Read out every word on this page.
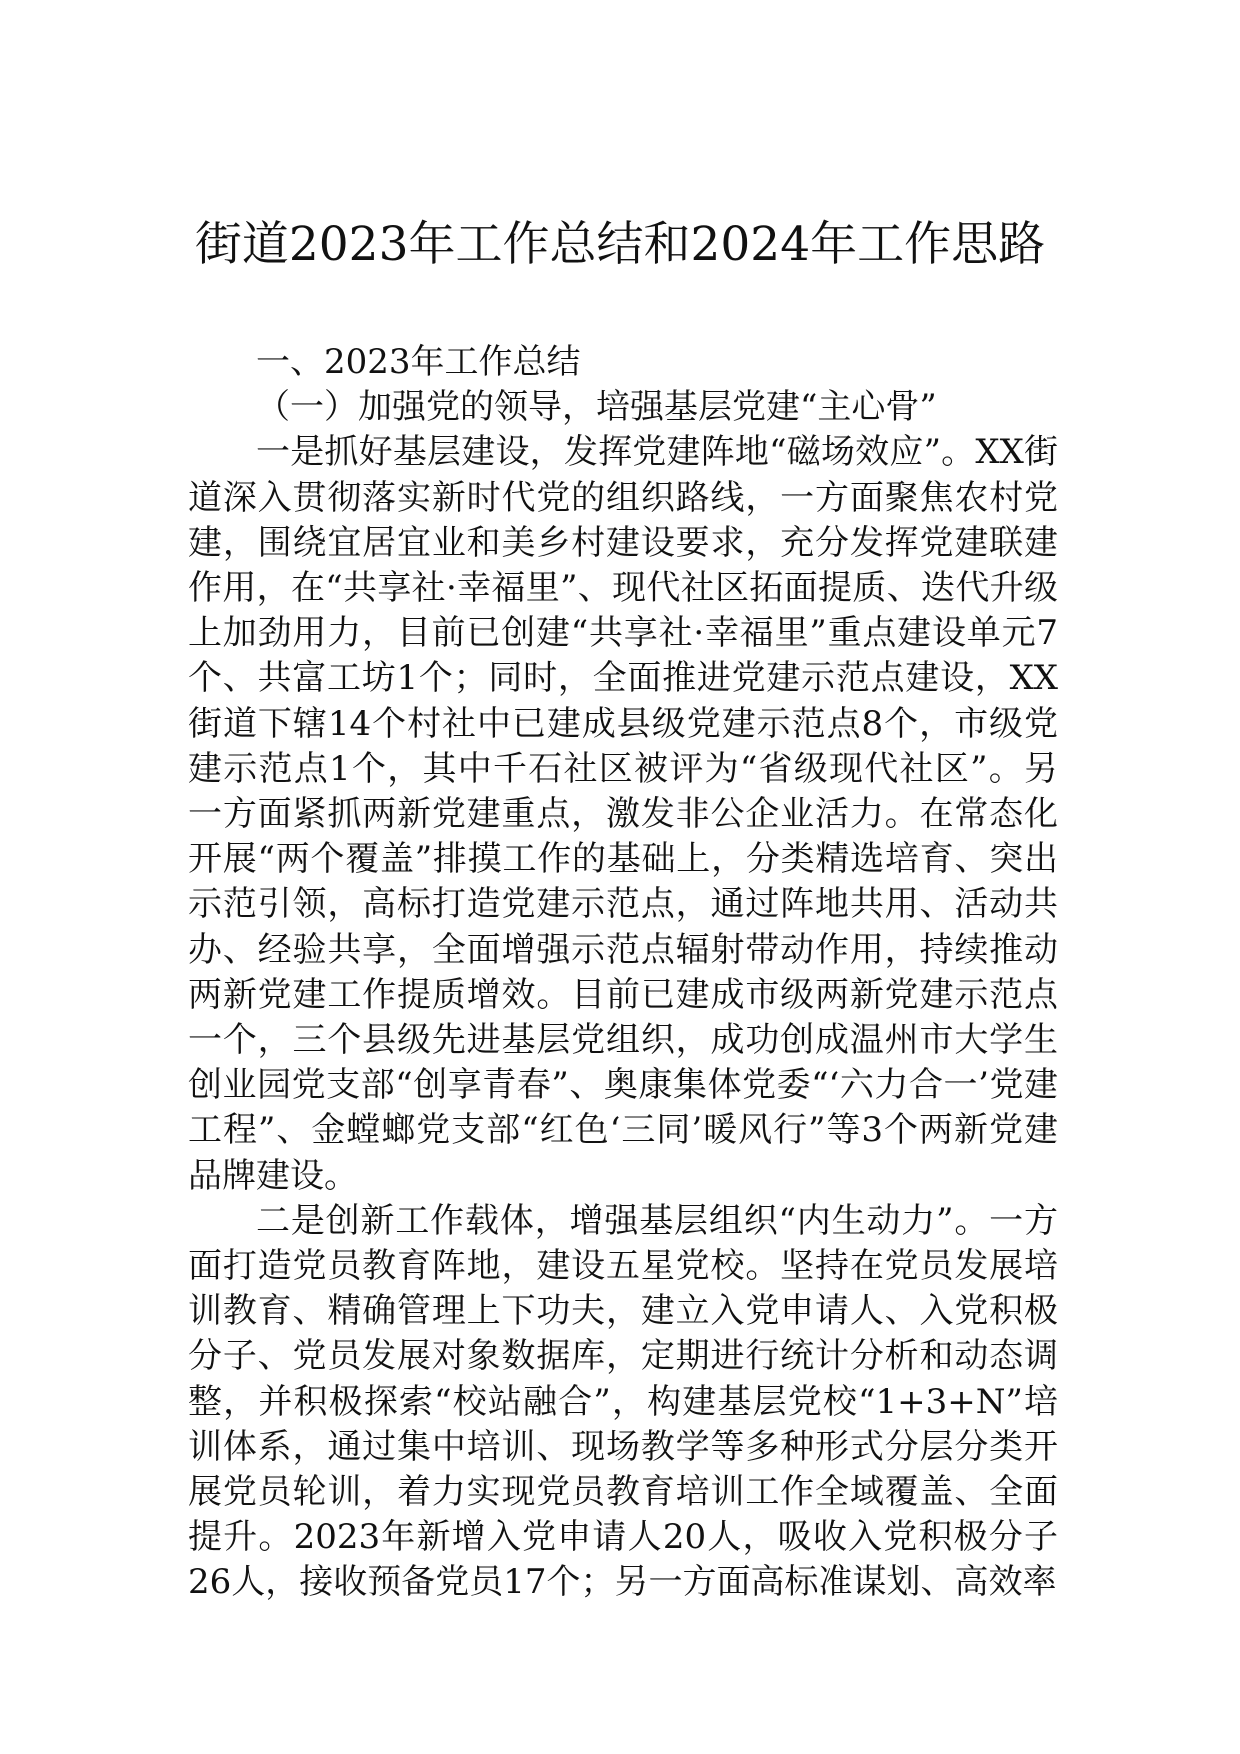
街道2023年工作总结和2024年工作思路

一、2023年工作总结

（一）加强党的领导，培强基层党建“主心骨”

一是抓好基层建设，发挥党建阵地“磁场效应”。XX街道深入贯彻落实新时代党的组织路线，一方面聚焦农村党建，围绕宜居宜业和美乡村建设要求，充分发挥党建联建作用，在“共享社·幸福里”、现代社区拓面提质、迭代升级上加劲用力，目前已创建“共享社·幸福里”重点建设单元7个、共富工坊1个；同时，全面推进党建示范点建设，XX街道下辖14个村社中已建成县级党建示范点8个，市级党建示范点1个，其中千石社区被评为“省级现代社区”。另一方面紧抓两新党建重点，激发非公企业活力。在常态化开展“两个覆盖”排摸工作的基础上，分类精选培育、突出示范引领，高标打造党建示范点，通过阵地共用、活动共办、经验共享，全面增强示范点辐射带动作用，持续推动两新党建工作提质增效。目前已建成市级两新党建示范点一个，三个县级先进基层党组织，成功创成温州市大学生创业园党支部“创享青春”、奥康集体党委“‘六力合一’党建工程”、金螳螂党支部“红色‘三同’暖风行”等3个两新党建品牌建设。

二是创新工作载体，增强基层组织“内生动力”。一方面打造党员教育阵地，建设五星党校。坚持在党员发展培训教育、精确管理上下功夫，建立入党申请人、入党积极分子、党员发展对象数据库，定期进行统计分析和动态调整，并积极探索“校站融合”，构建基层党校“1+3+N”培训体系，通过集中培训、现场教学等多种形式分层分类开展党员轮训，着力实现党员教育培训工作全域覆盖、全面提升。2023年新增入党申请人20人，吸收入党积极分子26人，接收预备党员17个；另一方面高标准谋划、高效率
